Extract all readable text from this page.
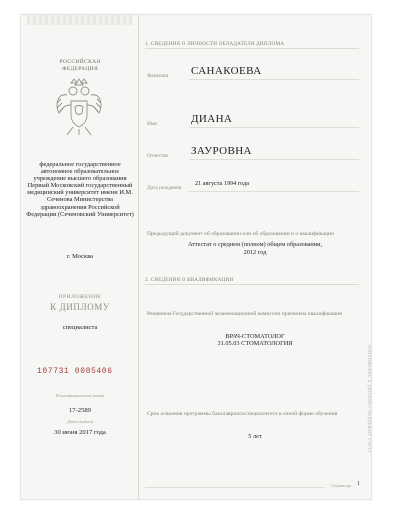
РОССИЙСКАЯ
ФЕДЕРАЦИЯ
федеральное государственное автономное образовательное учреждение высшего образования Первый Московский государственный медицинский университет имени И.М. Сеченова Министерства здравоохранения Российской Федерации (Сеченовский Университет)
г. Москва
ПРИЛОЖЕНИЕ
К ДИПЛОМУ
специалиста
107731 0085406
Регистрационный номер
17-2589
Дата выдачи
30 июня 2017 года
1. СВЕДЕНИЯ О ЛИЧНОСТИ ОБЛАДАТЕЛЯ ДИПЛОМА
Фамилия САНАКОЕВА
Имя	ДИАНА
Отчество ЗАУРОВНА
Дата рождения
21 августа 1994 года
Предыдущий документ об образовании или об образовании и о квалификации
Аттестат о среднем (полном) общем образовании,
2012 год
2. СВЕДЕНИЯ О КВАЛИФИКАЦИИ
Решением Государственной экзаменационной комиссии присвоена квалификация
ВРАЧ-СТОМАТОЛОГ
31.05.03 СТОМАТОЛОГИЯ
Срок освоения программы бакалавриата/специалитета в очной форме обучения
5 лет	ПРИЛОЖЕНИЕ К ДИПЛОМУ ПОДЛЕЖИТ УЧЕТУ
Страница 1
